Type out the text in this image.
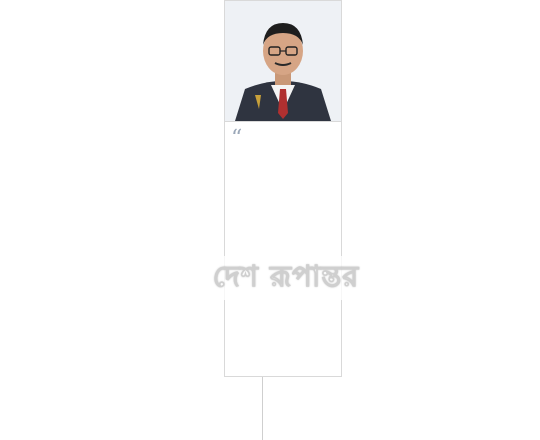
“
দেশ রূপান্তর
